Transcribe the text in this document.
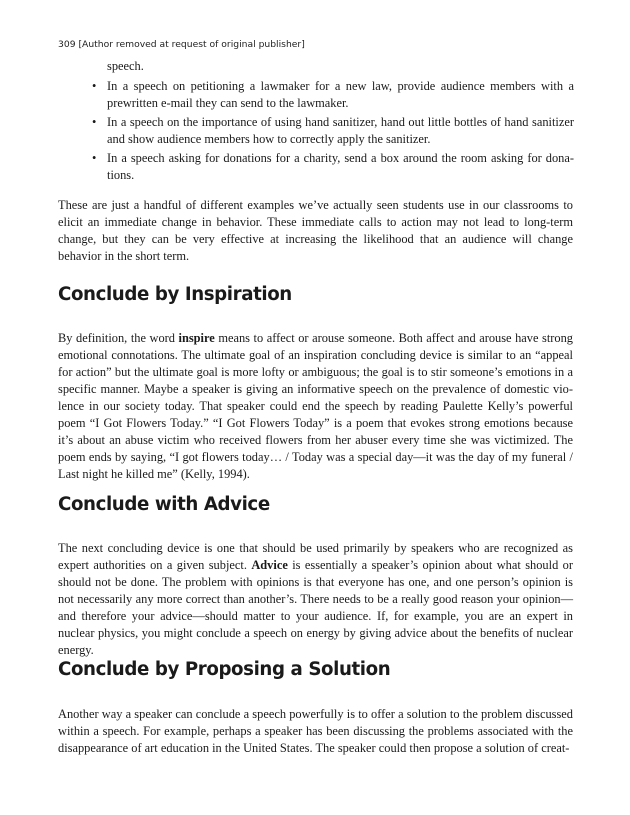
309 [Author removed at request of original publisher]
speech.
• In a speech on petitioning a lawmaker for a new law, provide audience members with a prewritten e-mail they can send to the lawmaker.
• In a speech on the importance of using hand sanitizer, hand out little bottles of hand sanitizer and show audience members how to correctly apply the sanitizer.
• In a speech asking for donations for a charity, send a box around the room asking for dona-tions.

These are just a handful of different examples we’ve actually seen students use in our classrooms to elicit an immediate change in behavior. These immediate calls to action may not lead to long-term change, but they can be very effective at increasing the likelihood that an audience will change behavior in the short term.

Conclude by Inspiration

By definition, the word inspire means to affect or arouse someone. Both affect and arouse have strong emotional connotations. The ultimate goal of an inspiration concluding device is similar to an “appeal for action” but the ultimate goal is more lofty or ambiguous; the goal is to stir someone’s emotions in a specific manner. Maybe a speaker is giving an informative speech on the prevalence of domestic vio-lence in our society today. That speaker could end the speech by reading Paulette Kelly’s powerful poem “I Got Flowers Today.” “I Got Flowers Today” is a poem that evokes strong emotions because it’s about an abuse victim who received flowers from her abuser every time she was victimized. The poem ends by saying, “I got flowers today… / Today was a special day—it was the day of my funeral / Last night he killed me” (Kelly, 1994).

Conclude with Advice

The next concluding device is one that should be used primarily by speakers who are recognized as expert authorities on a given subject. Advice is essentially a speaker’s opinion about what should or should not be done. The problem with opinions is that everyone has one, and one person’s opinion is not necessarily any more correct than another’s. There needs to be a really good reason your opinion—and therefore your advice—should matter to your audience. If, for example, you are an expert in nuclear physics, you might conclude a speech on energy by giving advice about the benefits of nuclear energy.

Conclude by Proposing a Solution

Another way a speaker can conclude a speech powerfully is to offer a solution to the problem discussed within a speech. For example, perhaps a speaker has been discussing the problems associated with the disappearance of art education in the United States. The speaker could then propose a solution of creat-
